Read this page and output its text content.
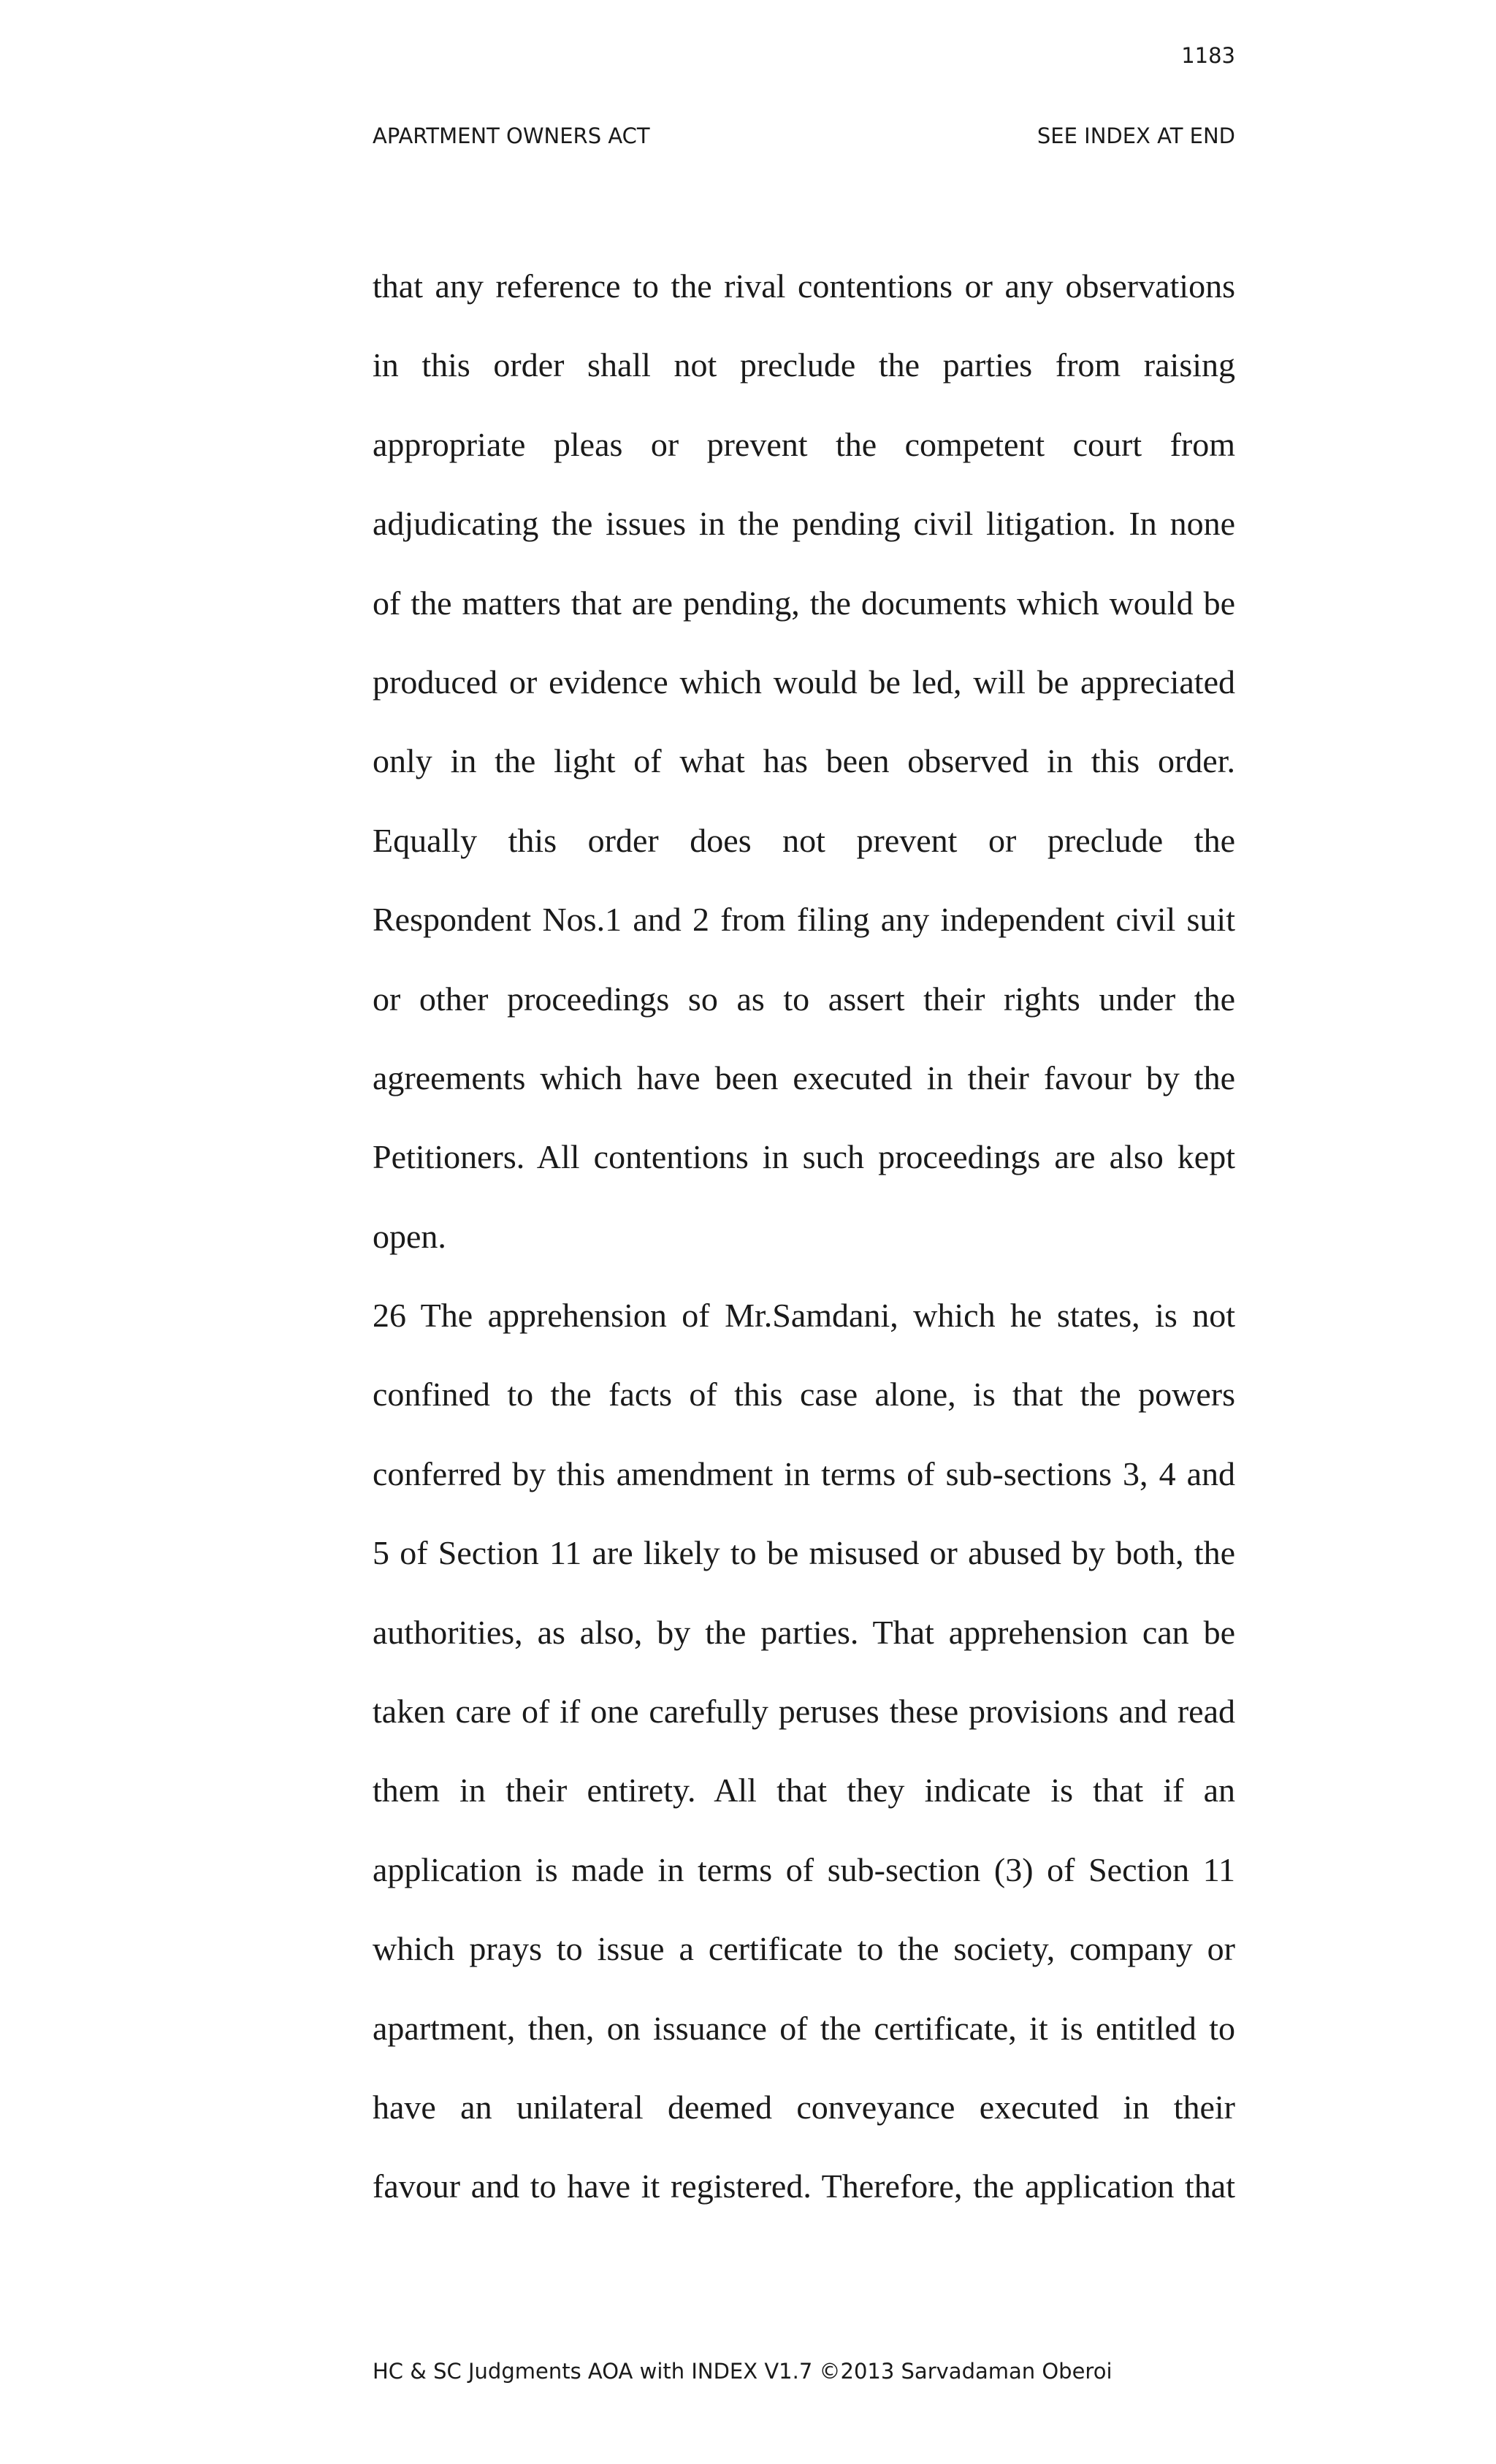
1183
APARTMENT OWNERS ACT	SEE INDEX AT END
that any reference to the rival contentions or any observations
in this order shall not preclude the parties from raising
appropriate pleas or prevent the competent court from
adjudicating the issues in the pending civil litigation. In none
of the matters that are pending, the documents which would be
produced or evidence which would be led, will be appreciated
only in the light of what has been observed in this order.
Equally this order does not prevent or preclude the
Respondent Nos.1 and 2 from filing any independent civil suit
or other proceedings so as to assert their rights under the
agreements which have been executed in their favour by the
Petitioners. All contentions in such proceedings are also kept
open.
26 The apprehension of Mr.Samdani, which he states, is not
confined to the facts of this case alone, is that the powers
conferred by this amendment in terms of sub-sections 3, 4 and
5 of Section 11 are likely to be misused or abused by both, the
authorities, as also, by the parties. That apprehension can be
taken care of if one carefully peruses these provisions and read
them in their entirety. All that they indicate is that if an
application is made in terms of sub-section (3) of Section 11
which prays to issue a certificate to the society, company or
apartment, then, on issuance of the certificate, it is entitled to
have an unilateral deemed conveyance executed in their
favour and to have it registered. Therefore, the application that
HC & SC Judgments AOA with INDEX V1.7 ©2013 Sarvadaman Oberoi
